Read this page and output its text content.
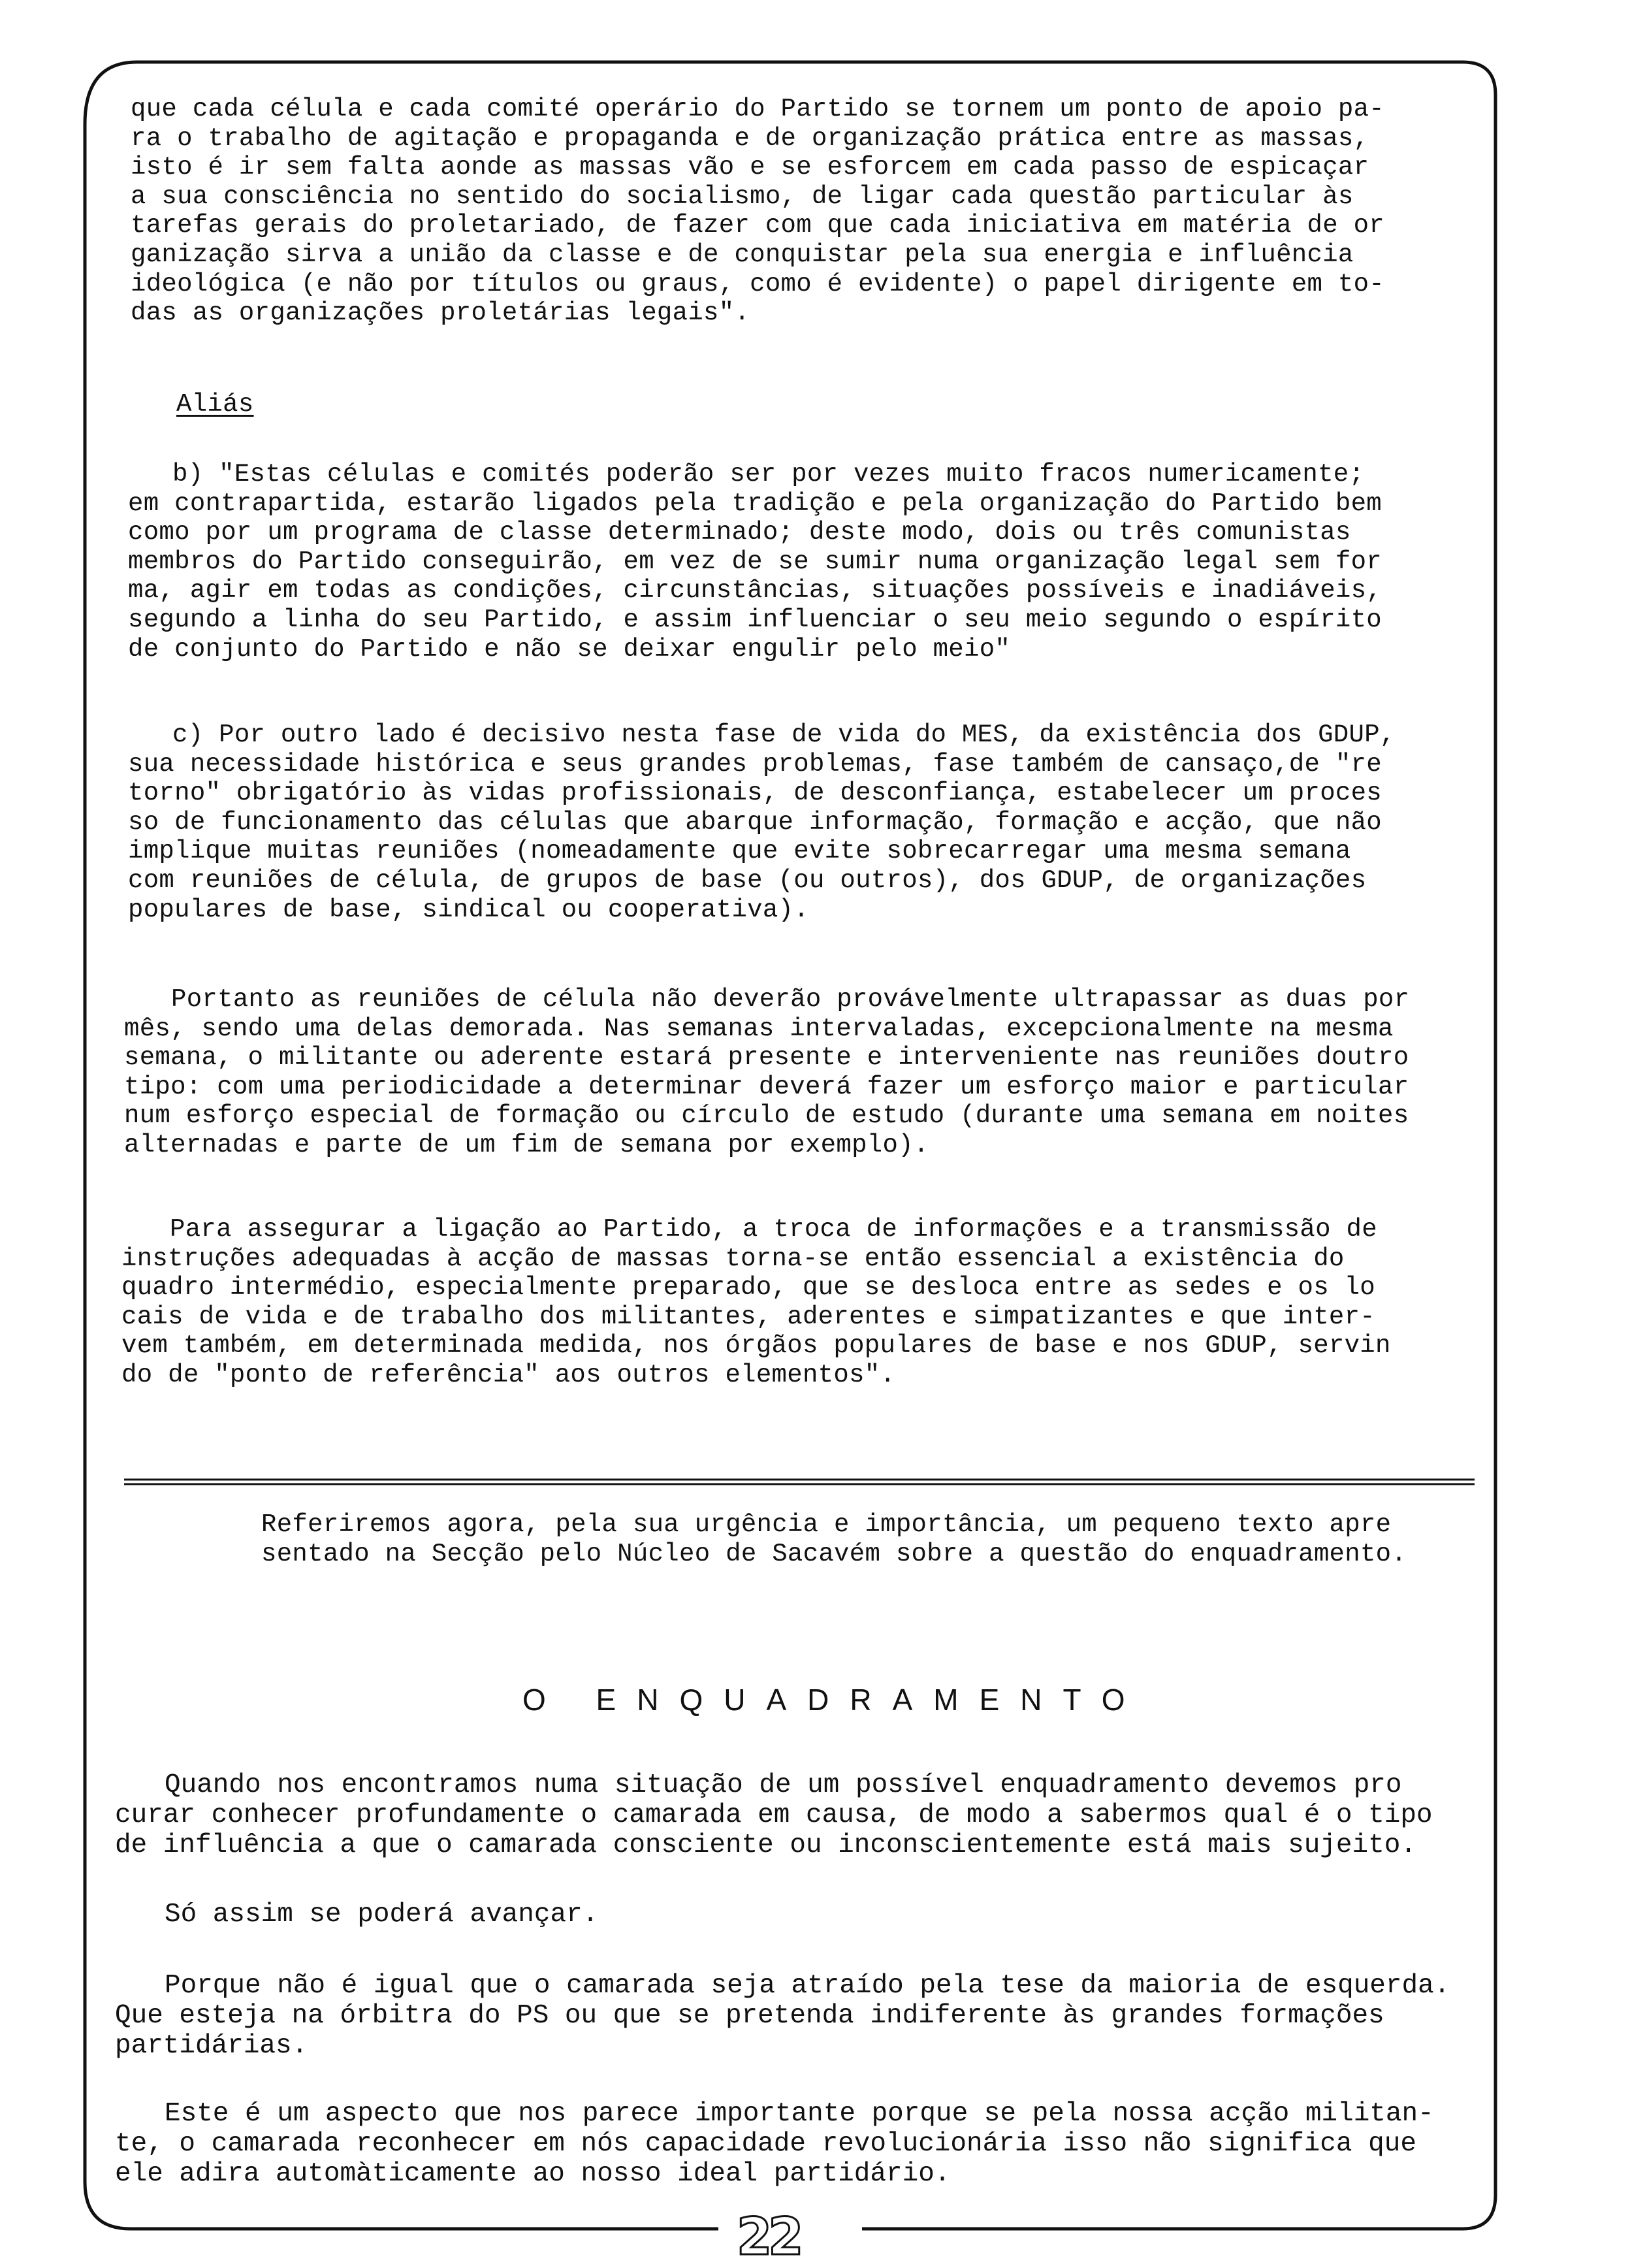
que cada célula e cada comité operário do Partido se tornem um ponto de apoio pa-
ra o trabalho de agitação e propaganda e de organização prática entre as massas,
isto é ir sem falta aonde as massas vão e se esforcem em cada passo de espicaçar
a sua consciência no sentido do socialismo, de ligar cada questão particular às
tarefas gerais do proletariado, de fazer com que cada iniciativa em matéria de or
ganização sirva a união da classe e de conquistar pela sua energia e influência
ideológica (e não por títulos ou graus, como é evidente) o papel dirigente em to-
das as organizações proletárias legais".

Aliás

b) "Estas células e comités poderão ser por vezes muito fracos numericamente;
em contrapartida, estarão ligados pela tradição e pela organização do Partido bem
como por um programa de classe determinado; deste modo, dois ou três comunistas
membros do Partido conseguirão, em vez de se sumir numa organização legal sem for
ma, agir em todas as condições, circunstâncias, situações possíveis e inadiáveis,
segundo a linha do seu Partido, e assim influenciar o seu meio segundo o espírito
de conjunto do Partido e não se deixar engulir pelo meio"

c) Por outro lado é decisivo nesta fase de vida do MES, da existência dos GDUP,
sua necessidade histórica e seus grandes problemas, fase também de cansaço,de "re
torno" obrigatório às vidas profissionais, de desconfiança, estabelecer um proces
so de funcionamento das células que abarque informação, formação e acção, que não
implique muitas reuniões (nomeadamente que evite sobrecarregar uma mesma semana
com reuniões de célula, de grupos de base (ou outros), dos GDUP, de organizações
populares de base, sindical ou cooperativa).

Portanto as reuniões de célula não deverão provávelmente ultrapassar as duas por
mês, sendo uma delas demorada. Nas semanas intervaladas, excepcionalmente na mesma
semana, o militante ou aderente estará presente e interveniente nas reuniões doutro
tipo: com uma periodicidade a determinar deverá fazer um esforço maior e particular
num esforço especial de formação ou círculo de estudo (durante uma semana em noites
alternadas e parte de um fim de semana por exemplo).

Para assegurar a ligação ao Partido, a troca de informações e a transmissão de
instruções adequadas à acção de massas torna-se então essencial a existência do
quadro intermédio, especialmente preparado, que se desloca entre as sedes e os lo
cais de vida e de trabalho dos militantes, aderentes e simpatizantes e que inter-
vem também, em determinada medida, nos órgãos populares de base e nos GDUP, servin
do de "ponto de referência" aos outros elementos".

Referiremos agora, pela sua urgência e importância, um pequeno texto apre
sentado na Secção pelo Núcleo de Sacavém sobre a questão do enquadramento.

O ENQUADRAMENTO

Quando nos encontramos numa situação de um possível enquadramento devemos pro
curar conhecer profundamente o camarada em causa, de modo a sabermos qual é o tipo
de influência a que o camarada consciente ou inconscientemente está mais sujeito.

Só assim se poderá avançar.

Porque não é igual que o camarada seja atraído pela tese da maioria de esquerda.
Que esteja na órbitra do PS ou que se pretenda indiferente às grandes formações
partidárias.

Este é um aspecto que nos parece importante porque se pela nossa acção militan-
te, o camarada reconhecer em nós capacidade revolucionária isso não significa que
ele adira automàticamente ao nosso ideal partidário.

22
